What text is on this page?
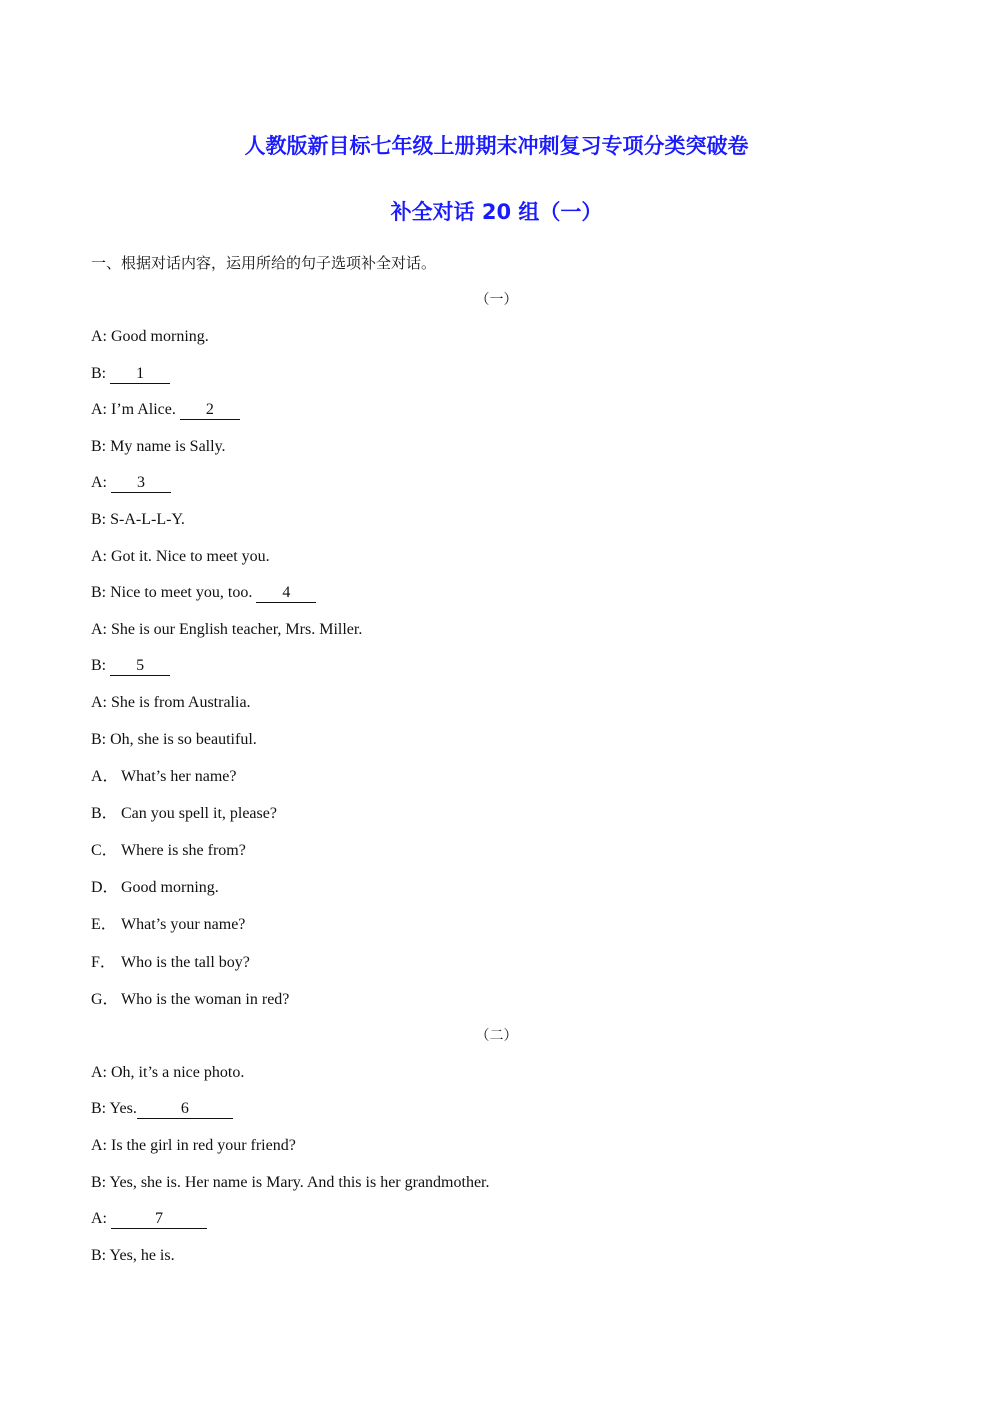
人教版新目标七年级上册期末冲刺复习专项分类突破卷
补全对话 20 组（一）
一、根据对话内容，运用所给的句子选项补全对话。
（一）
A: Good morning.
B: 1
A: I’m Alice. 2
B: My name is Sally.
A: 3
B: S-A-L-L-Y.
A: Got it. Nice to meet you.
B: Nice to meet you, too. 4
A: She is our English teacher, Mrs. Miller.
B: 5
A: She is from Australia.
B: Oh, she is so beautiful.
A． What’s her name?
B． Can you spell it, please?
C． Where is she from?
D． Good morning.
E． What’s your name?
F． Who is the tall boy?
G． Who is the woman in red?
（二）
A: Oh, it’s a nice photo.
B: Yes.	6
A: Is the girl in red your friend?
B: Yes, she is. Her name is Mary. And this is her grandmother.
A:	7
B: Yes, he is.
